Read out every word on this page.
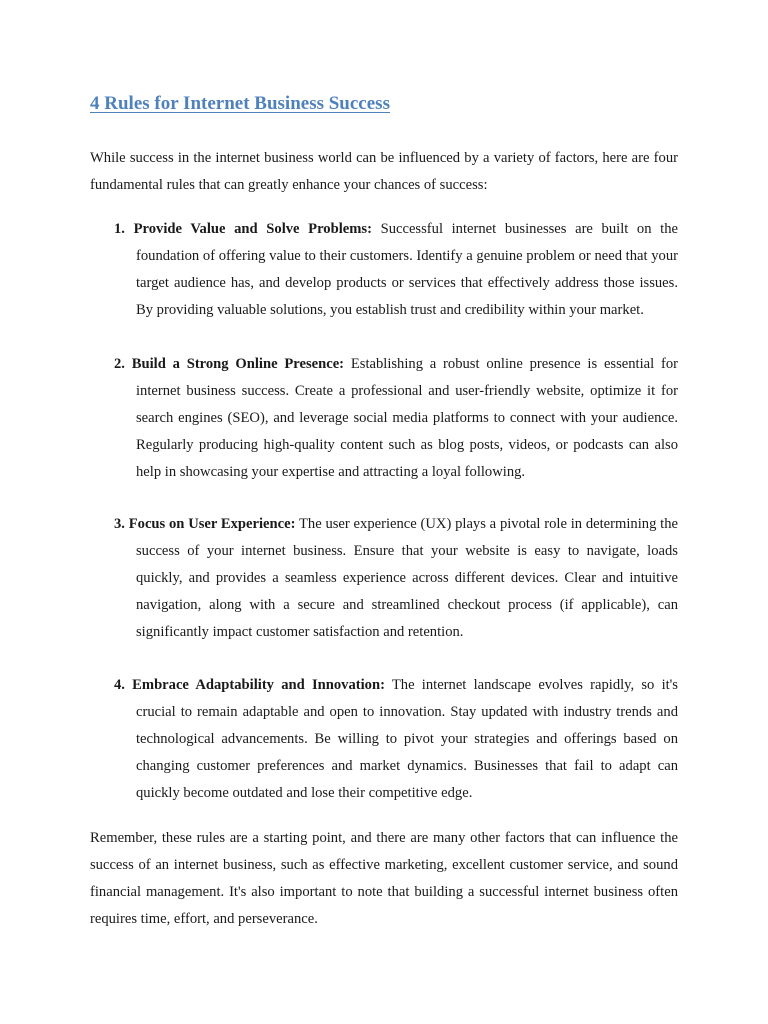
4 Rules for Internet Business Success

While success in the internet business world can be influenced by a variety of factors, here are four fundamental rules that can greatly enhance your chances of success:

1. Provide Value and Solve Problems: Successful internet businesses are built on the foundation of offering value to their customers. Identify a genuine problem or need that your target audience has, and develop products or services that effectively address those issues. By providing valuable solutions, you establish trust and credibility within your market.
2. Build a Strong Online Presence: Establishing a robust online presence is essential for internet business success. Create a professional and user-friendly website, optimize it for search engines (SEO), and leverage social media platforms to connect with your audience. Regularly producing high-quality content such as blog posts, videos, or podcasts can also help in showcasing your expertise and attracting a loyal following.
3. Focus on User Experience: The user experience (UX) plays a pivotal role in determining the success of your internet business. Ensure that your website is easy to navigate, loads quickly, and provides a seamless experience across different devices. Clear and intuitive navigation, along with a secure and streamlined checkout process (if applicable), can significantly impact customer satisfaction and retention.
4. Embrace Adaptability and Innovation: The internet landscape evolves rapidly, so it's crucial to remain adaptable and open to innovation. Stay updated with industry trends and technological advancements. Be willing to pivot your strategies and offerings based on changing customer preferences and market dynamics. Businesses that fail to adapt can quickly become outdated and lose their competitive edge.

Remember, these rules are a starting point, and there are many other factors that can influence the success of an internet business, such as effective marketing, excellent customer service, and sound financial management. It's also important to note that building a successful internet business often requires time, effort, and perseverance.
